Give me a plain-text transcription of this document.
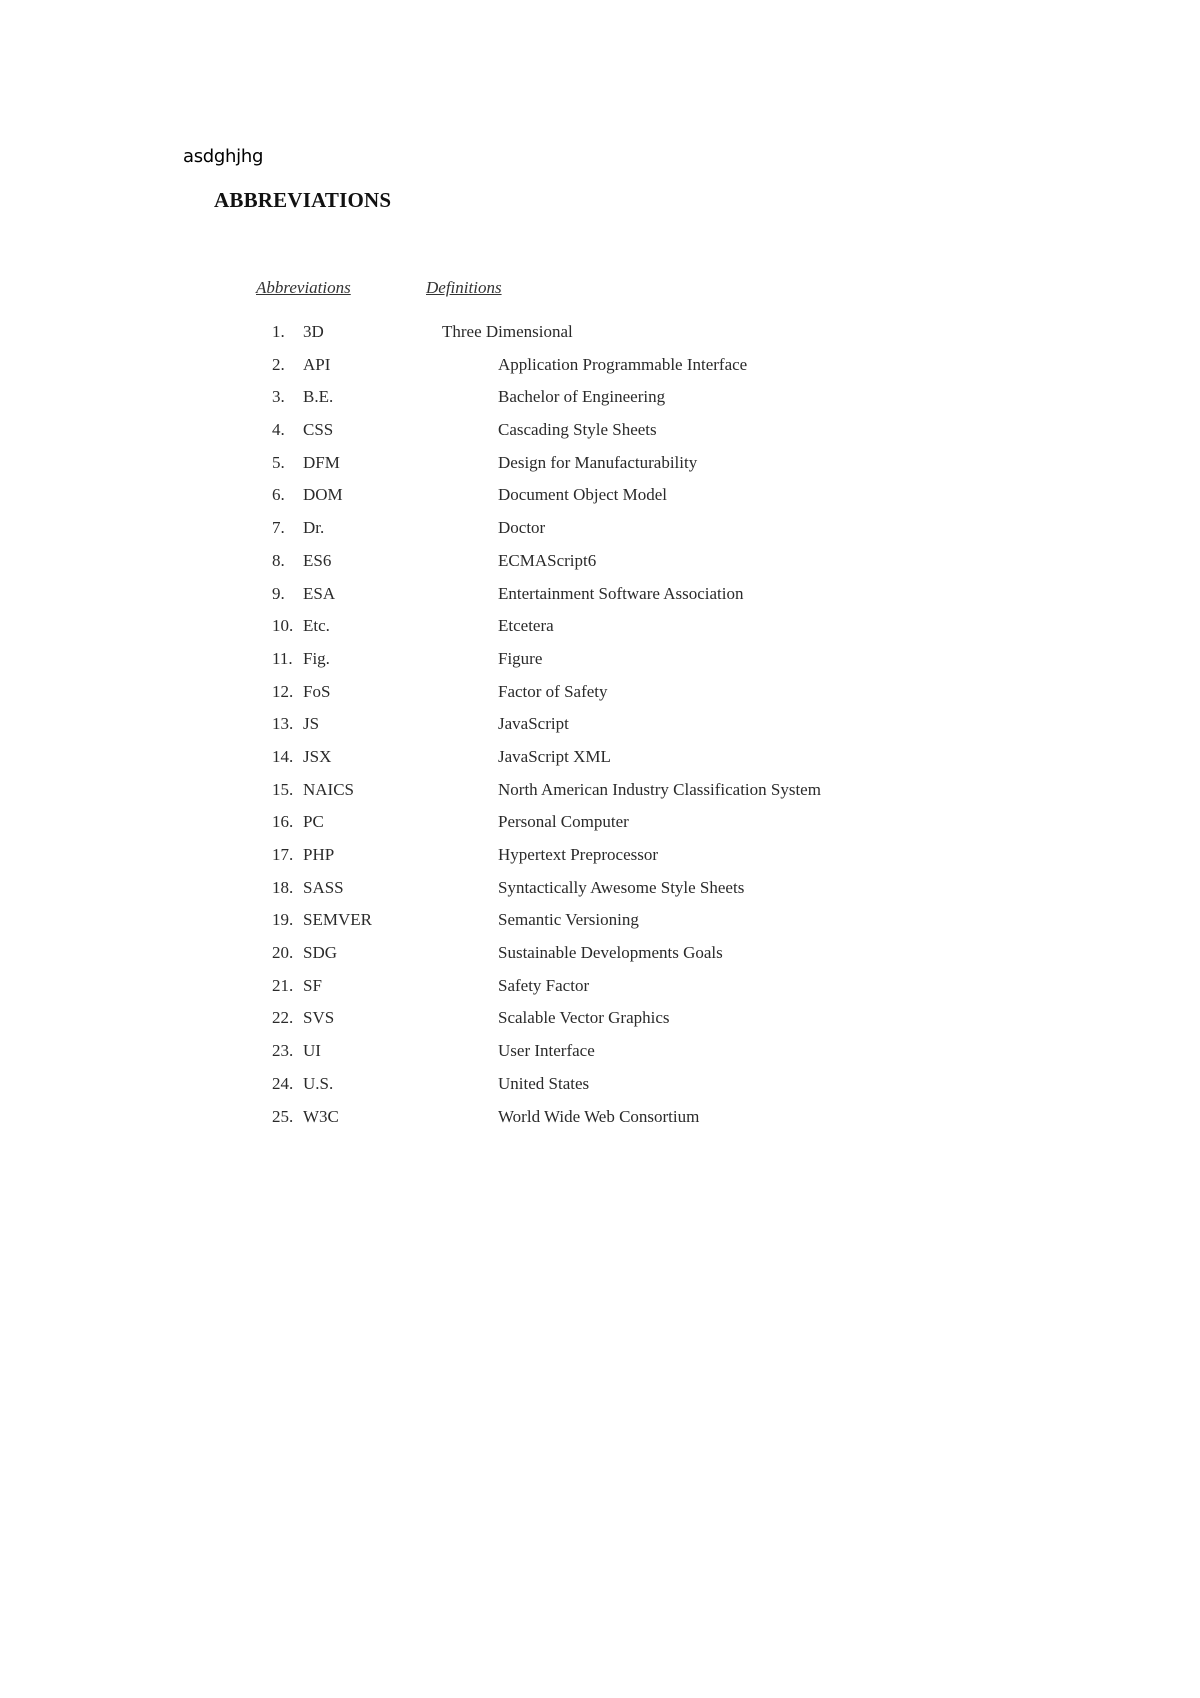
asdghjhg
ABBREVIATIONS
Abbreviations	Definitions
1.	3D	Three Dimensional
2.	API	Application Programmable Interface
3.	B.E.	Bachelor of Engineering
4.	CSS	Cascading Style Sheets
5.	DFM	Design for Manufacturability
6.	DOM	Document Object Model
7.	Dr.	Doctor
8.	ES6	ECMAScript6
9.	ESA	Entertainment Software Association
10. Etc.	Etcetera
11. Fig.	Figure
12. FoS	Factor of Safety
13. JS	JavaScript
14. JSX	JavaScript XML
15. NAICS	North American Industry Classification System
16. PC	Personal Computer
17. PHP	Hypertext Preprocessor
18. SASS	Syntactically Awesome Style Sheets
19. SEMVER	Semantic Versioning
20. SDG	Sustainable Developments Goals
21. SF	Safety Factor
22. SVS	Scalable Vector Graphics
23. UI	User Interface
24. U.S.	United States
25. W3C	World Wide Web Consortium
